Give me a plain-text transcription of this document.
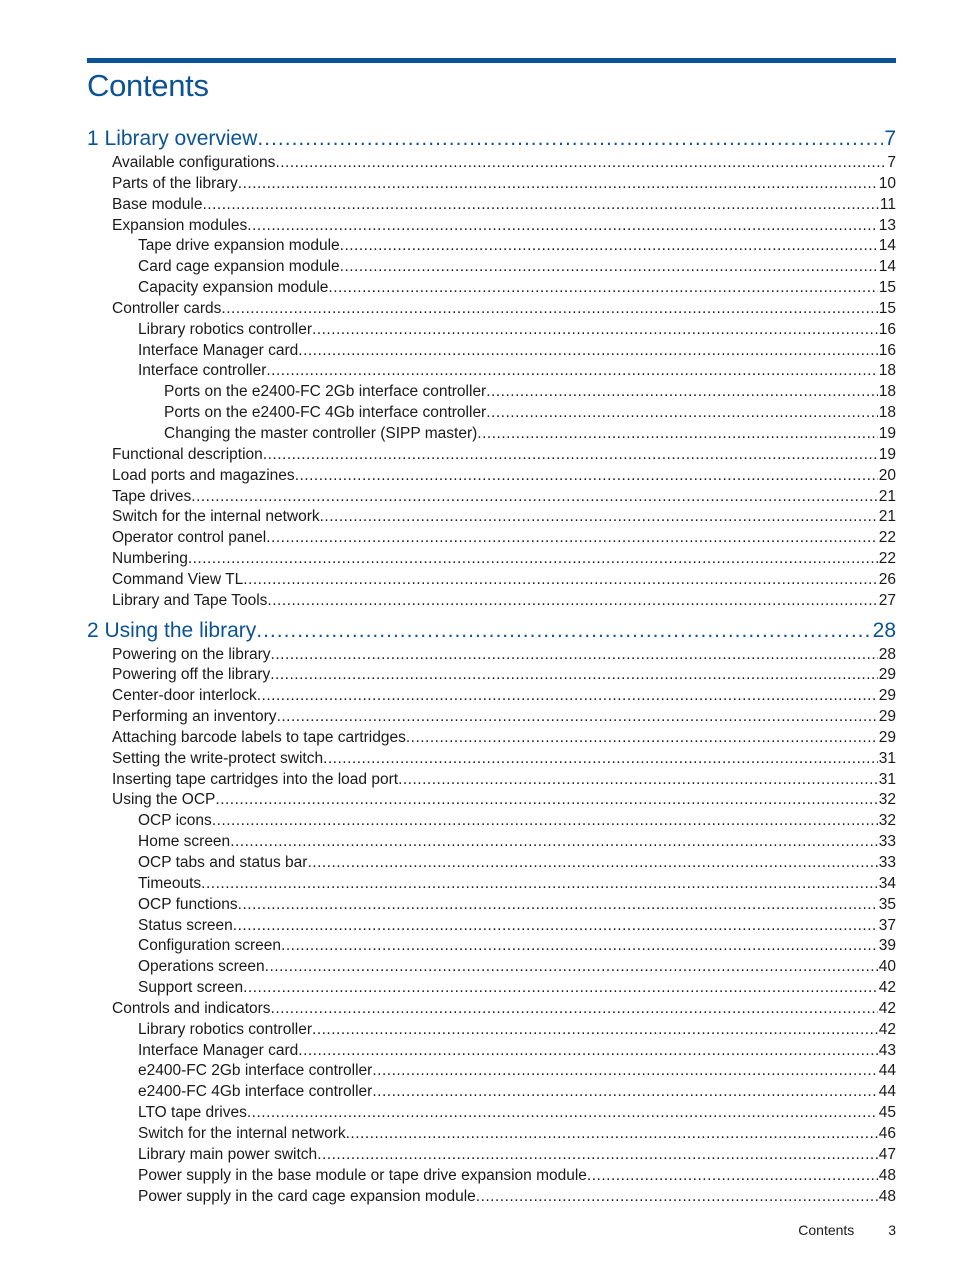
Contents
1 Library overview .....	7
Available configurations .....	7
Parts of the library .....	10
Base module .....	11
Expansion modules .....	13
Tape drive expansion module .....	14
Card cage expansion module .....	14
Capacity expansion module .....	15
Controller cards .....	15
Library robotics controller .....	16
Interface Manager card .....	16
Interface controller .....	18
Ports on the e2400-FC 2Gb interface controller .....	18
Ports on the e2400-FC 4Gb interface controller .....	18
Changing the master controller (SIPP master) .....	19
Functional description .....	19
Load ports and magazines .....	20
Tape drives .....	21
Switch for the internal network .....	21
Operator control panel .....	22
Numbering .....	22
Command View TL .....	26
Library and Tape Tools .....	27
2 Using the library .....	28
Powering on the library .....	28
Powering off the library .....	29
Center-door interlock .....	29
Performing an inventory .....	29
Attaching barcode labels to tape cartridges .....	29
Setting the write-protect switch .....	31
Inserting tape cartridges into the load port .....	31
Using the OCP .....	32
OCP icons .....	32
Home screen .....	33
OCP tabs and status bar .....	33
Timeouts .....	34
OCP functions .....	35
Status screen .....	37
Configuration screen .....	39
Operations screen .....	40
Support screen .....	42
Controls and indicators .....	42
Library robotics controller .....	42
Interface Manager card .....	43
e2400-FC 2Gb interface controller .....	44
e2400-FC 4Gb interface controller .....	44
LTO tape drives .....	45
Switch for the internal network .....	46
Library main power switch .....	47
Power supply in the base module or tape drive expansion module .....	48
Power supply in the card cage expansion module .....	48
Contents 3
